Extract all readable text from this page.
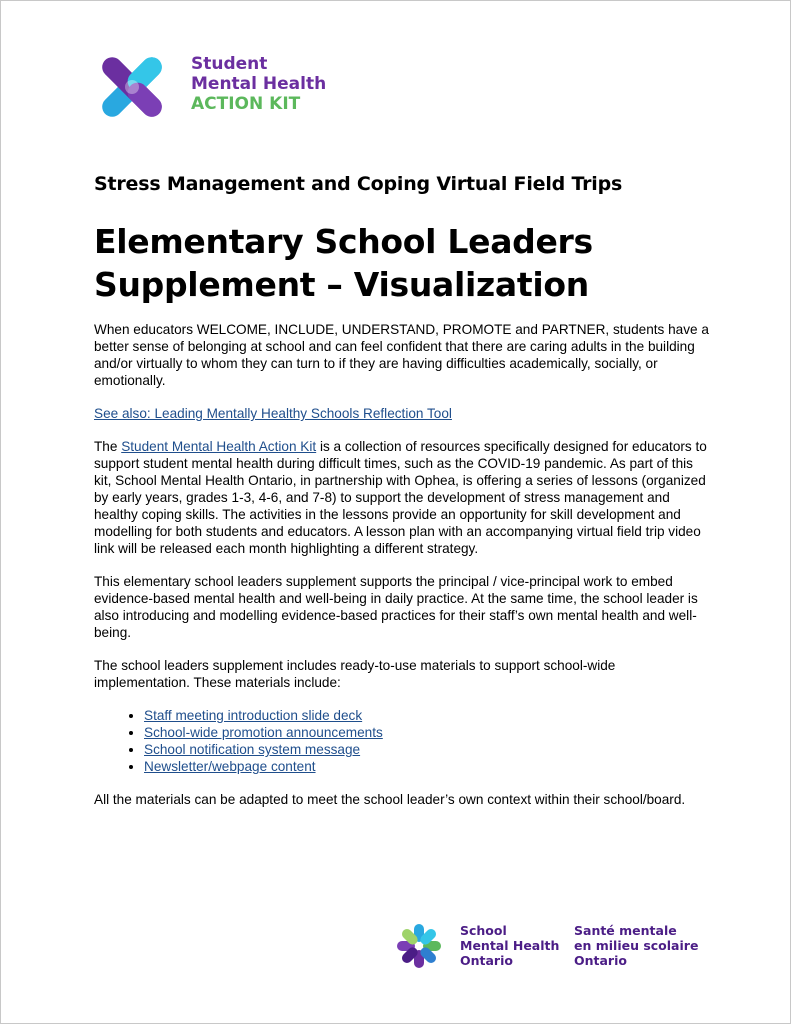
Student
Mental Health
ACTION KIT
Stress Management and Coping Virtual Field Trips
Elementary School Leaders
Supplement – Visualization

When educators WELCOME, INCLUDE, UNDERSTAND, PROMOTE and PARTNER, students have a better sense of belonging at school and can feel confident that there are caring adults in the building and/or virtually to whom they can turn to if they are having difficulties academically, socially, or emotionally.

See also: Leading Mentally Healthy Schools Reflection Tool

The Student Mental Health Action Kit is a collection of resources specifically designed for educators to support student mental health during difficult times, such as the COVID-19 pandemic. As part of this kit, School Mental Health Ontario, in partnership with Ophea, is offering a series of lessons (organized by early years, grades 1-3, 4-6, and 7-8) to support the development of stress management and healthy coping skills. The activities in the lessons provide an opportunity for skill development and modelling for both students and educators. A lesson plan with an accompanying virtual field trip video link will be released each month highlighting a different strategy.

This elementary school leaders supplement supports the principal / vice-principal work to embed evidence-based mental health and well-being in daily practice. At the same time, the school leader is also introducing and modelling evidence-based practices for their staff’s own mental health and well-being.

The school leaders supplement includes ready-to-use materials to support school-wide implementation. These materials include:

• Staff meeting introduction slide deck
• School-wide promotion announcements
• School notification system message
• Newsletter/webpage content

All the materials can be adapted to meet the school leader’s own context within their school/board.

School
Mental Health
Ontario
Santé mentale
en milieu scolaire
Ontario
